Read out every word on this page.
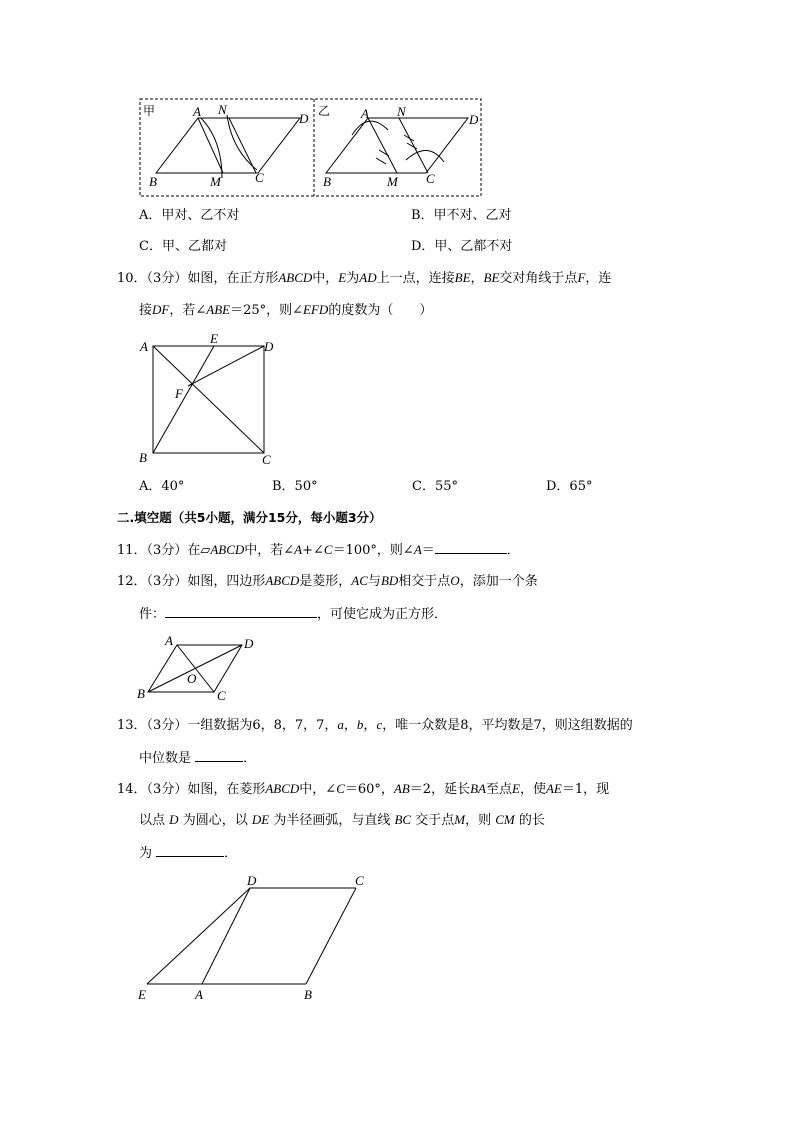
甲	A N
D
B	M	C
乙 A N
D
B	M C
A．甲对、乙不对	B．甲不对、乙对
C．甲、乙都对	D．甲、乙都不对
10．（3分）如图，在正方形ABCD中，E为AD上一点，连接BE，BE交对角线于点F，连
接DF，若∠ABE＝25°，则∠EFD的度数为（　　）
A
E
D
F
B	C
A．40°	B．50°	C．55°	D．65°
二.填空题（共5小题，满分15分，每小题3分）
11．（3分）在▱ABCD中，若∠A+∠C＝100°，则∠A＝	．
12．（3分）如图，四边形ABCD是菱形，AC与BD相交于点O，添加一个条
件：	，可使它成为正方形．
A	D
O
B	C
13．（3分）一组数据为6，8，7，7，a，b，c，唯一众数是8，平均数是7，则这组数据的
中位数是	．
14．（3分）如图，在菱形ABCD中，∠C＝60°，AB＝2，延长BA至点E，使AE＝1，现
以点 D 为圆心，以 DE 为半径画弧，与直线 BC 交于点M，则 CM 的长
为	．
D	C
E	A	B
